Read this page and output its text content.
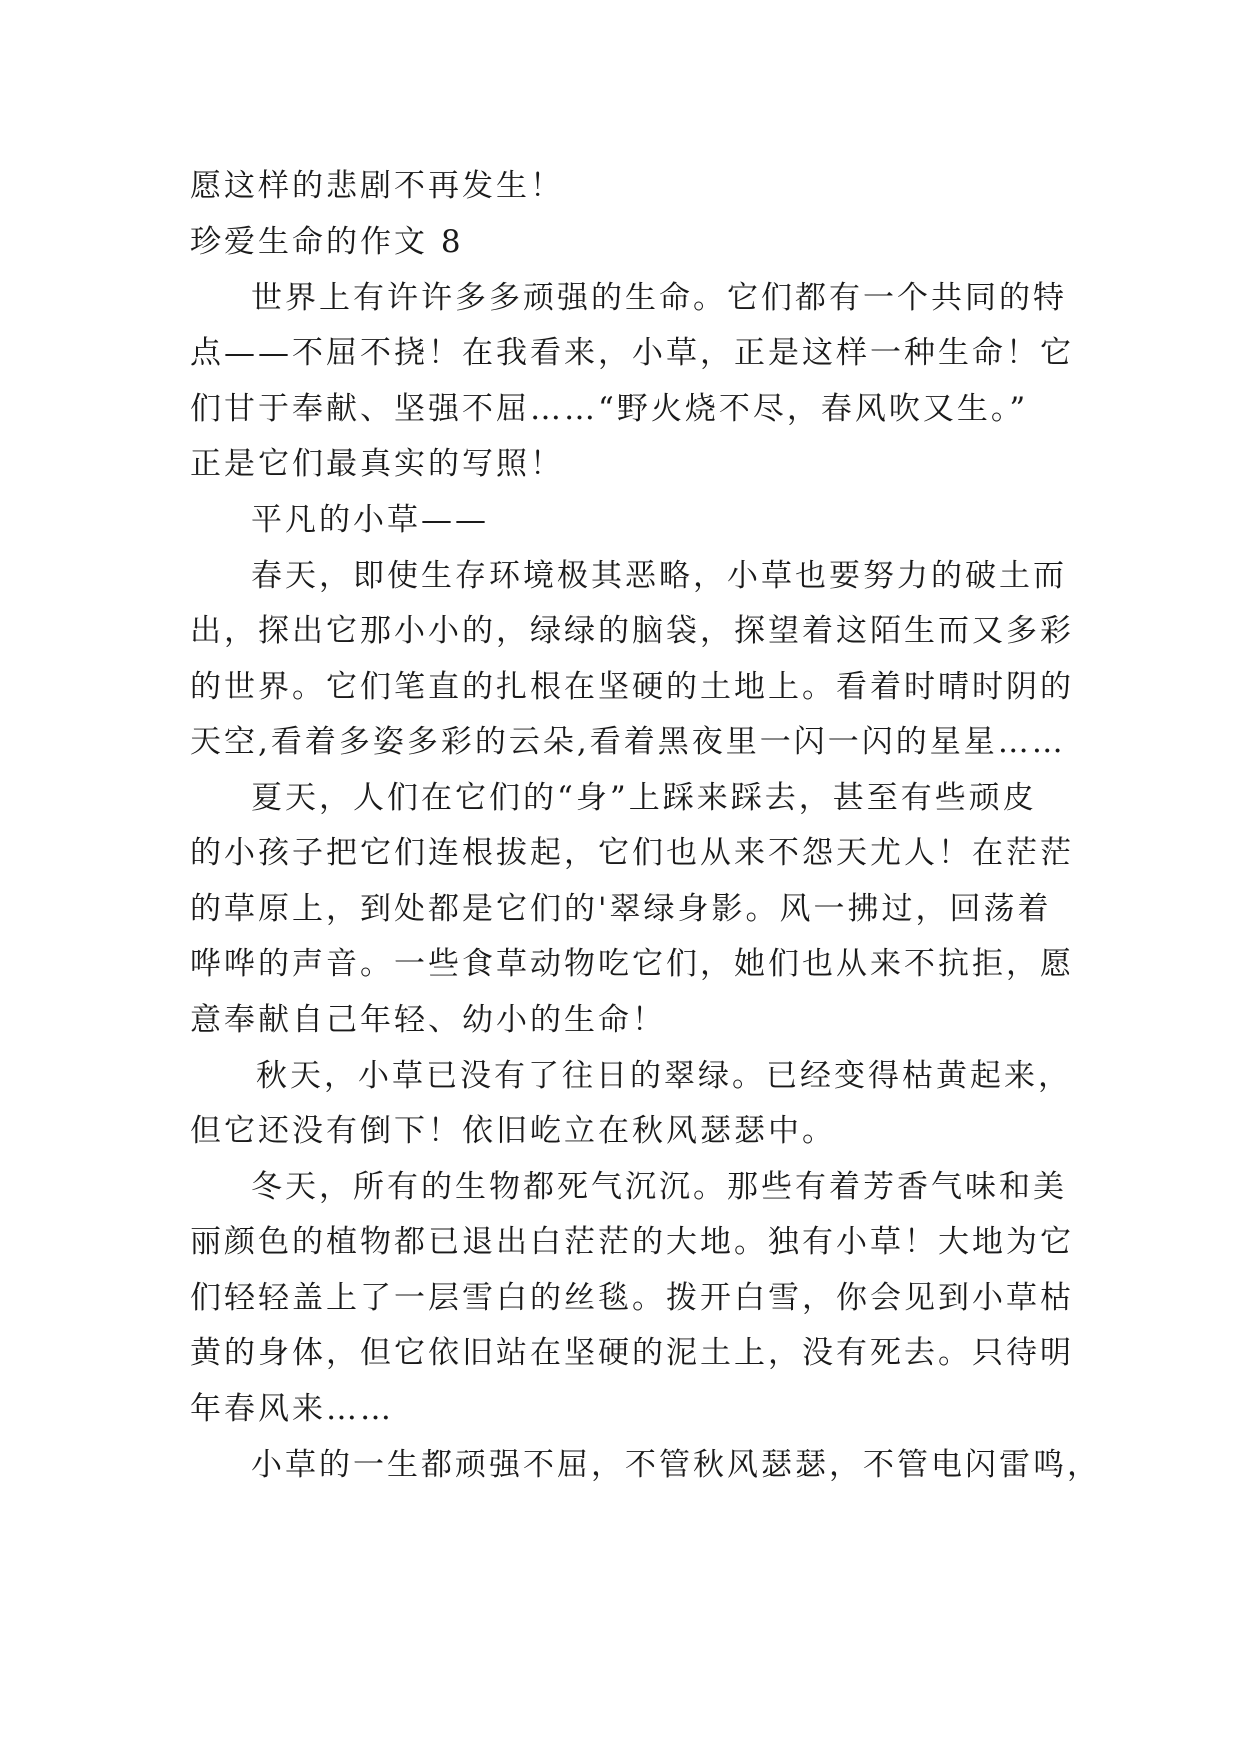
愿这样的悲剧不再发生！
珍爱生命的作文 8
世界上有许许多多顽强的生命。它们都有一个共同的特
点——不屈不挠！在我看来，小草，正是这样一种生命！它
们甘于奉献、坚强不屈……“野火烧不尽，春风吹又生。”
正是它们最真实的写照！
平凡的小草——
春天，即使生存环境极其恶略，小草也要努力的破土而
出，探出它那小小的，绿绿的脑袋，探望着这陌生而又多彩
的世界。它们笔直的扎根在坚硬的土地上。看着时晴时阴的
天空,看着多姿多彩的云朵,看着黑夜里一闪一闪的星星……
夏天，人们在它们的“身”上踩来踩去，甚至有些顽皮
的小孩子把它们连根拔起，它们也从来不怨天尤人！在茫茫
的草原上，到处都是它们的'翠绿身影。风一拂过，回荡着
哗哗的声音。一些食草动物吃它们，她们也从来不抗拒，愿
意奉献自己年轻、幼小的生命！
秋天，小草已没有了往日的翠绿。已经变得枯黄起来，
但它还没有倒下！依旧屹立在秋风瑟瑟中。
冬天，所有的生物都死气沉沉。那些有着芳香气味和美
丽颜色的植物都已退出白茫茫的大地。独有小草！大地为它
们轻轻盖上了一层雪白的丝毯。拨开白雪，你会见到小草枯
黄的身体，但它依旧站在坚硬的泥土上，没有死去。只待明
年春风来……
小草的一生都顽强不屈，不管秋风瑟瑟，不管电闪雷鸣，
